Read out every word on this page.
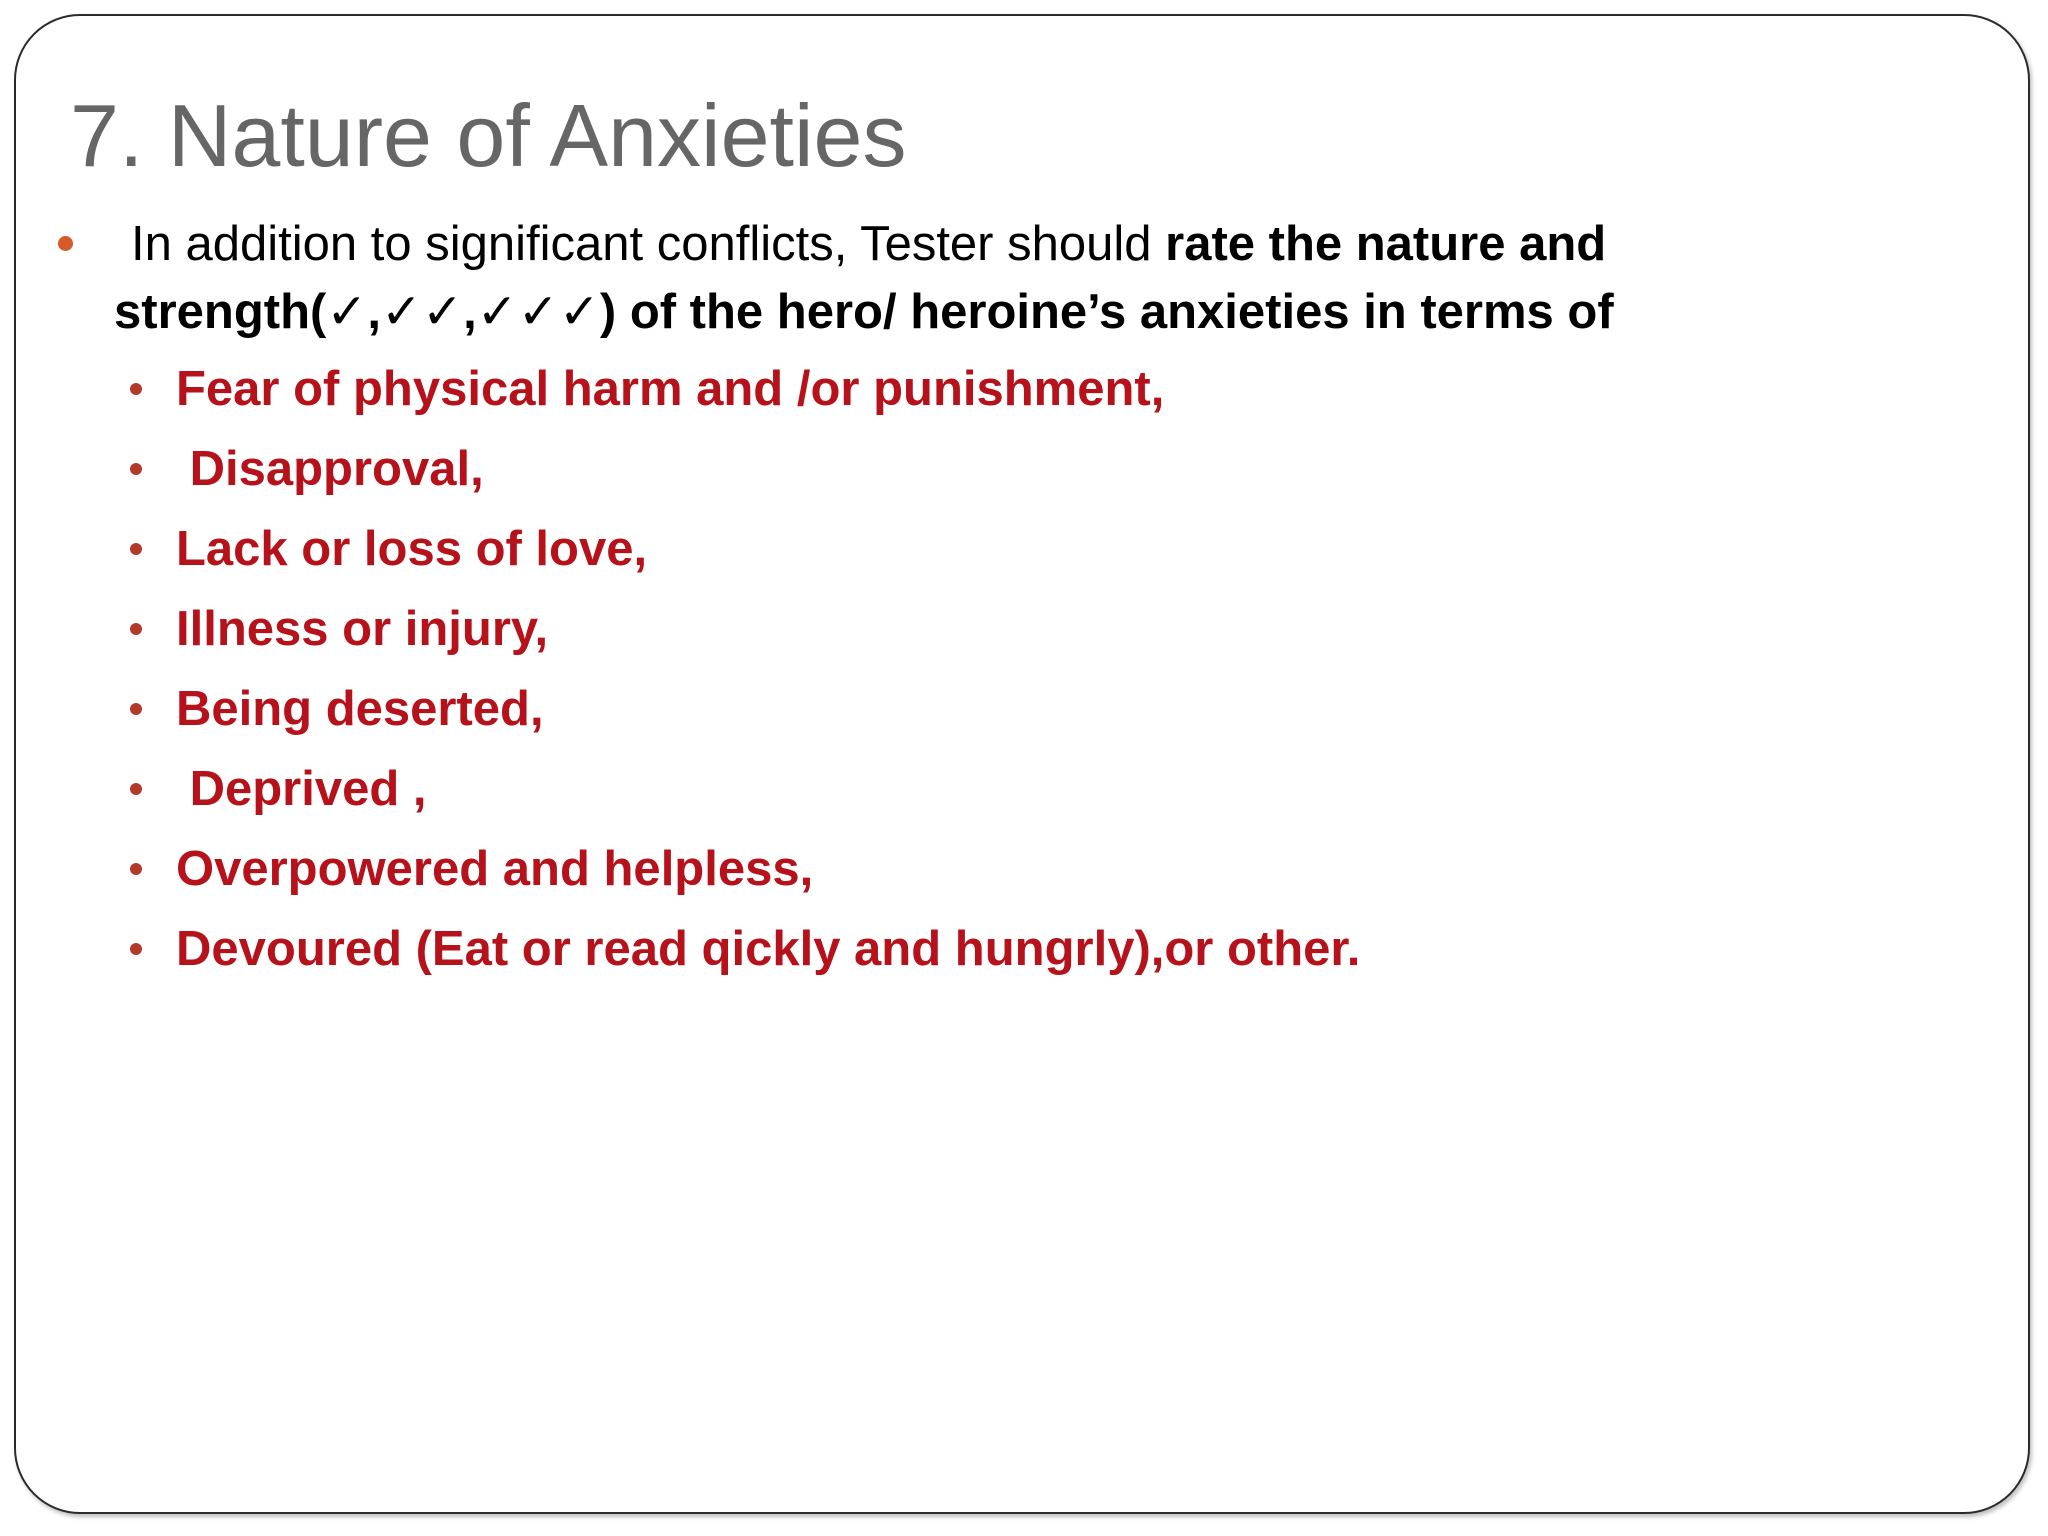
7. Nature of Anxieties

In addition to significant conflicts, Tester should rate the nature and strength(✓,✓✓,✓✓✓) of the hero/ heroine’s anxieties in terms of

Fear of physical harm and /or punishment,
Disapproval,
Lack or loss of love,
Illness or injury,
Being deserted,
Deprived ,
Overpowered and helpless,
Devoured (Eat or read qickly and hungrly),or other.
